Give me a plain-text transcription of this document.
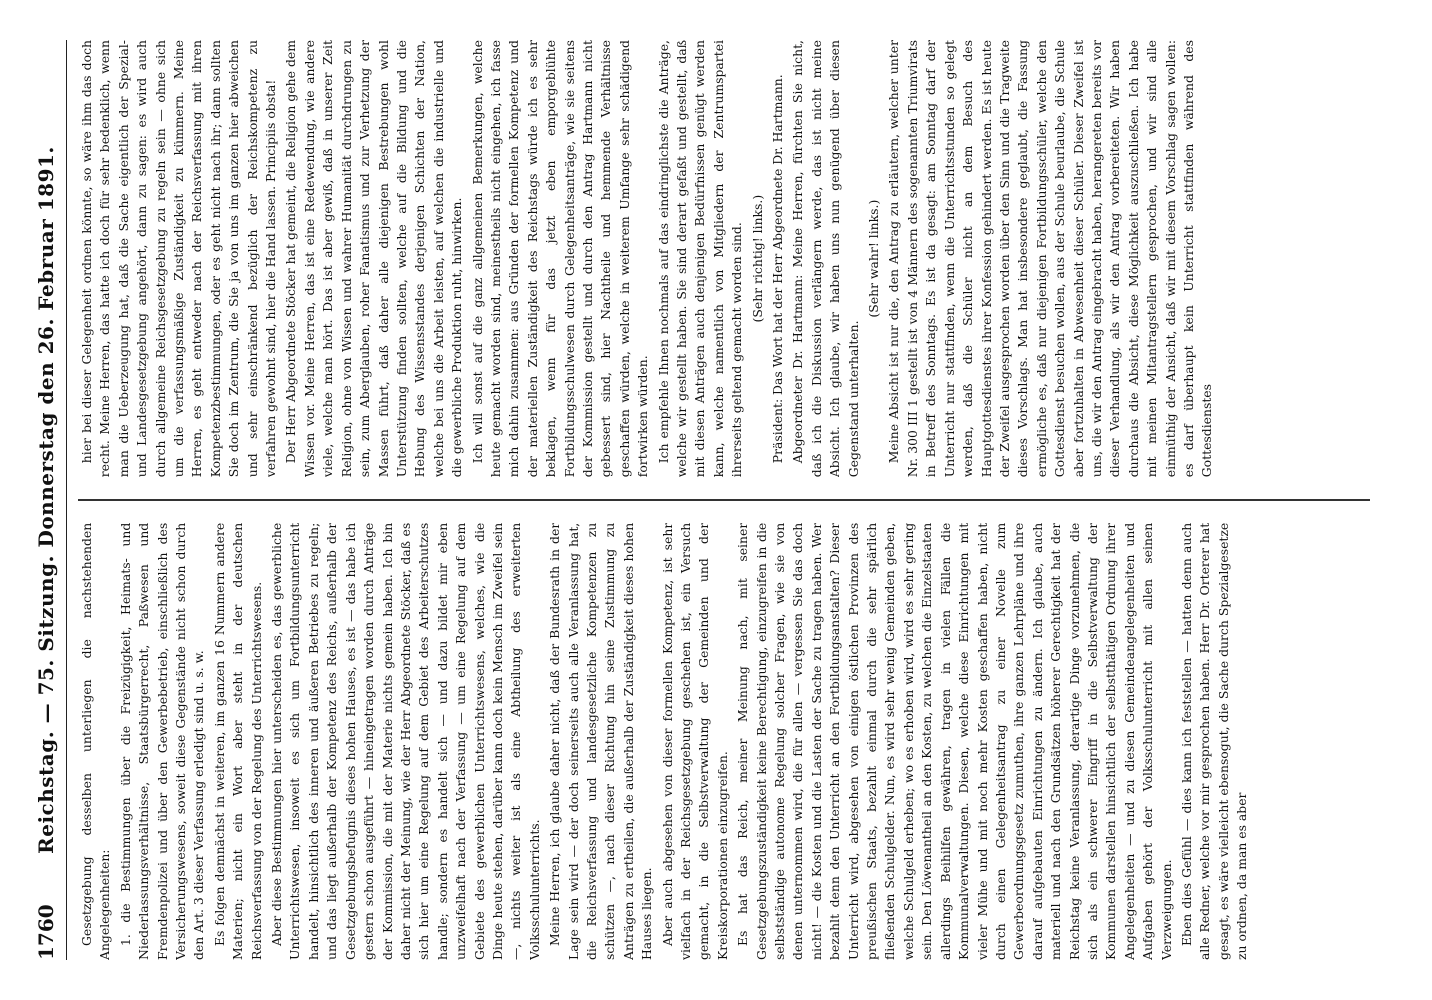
1760
Reichstag. — 75. Sitzung. Donnerstag den 26. Februar 1891. Gesetzgebung desselben unterliegen die nachstehenden Angelegenheiten: 1. die Bestimmungen über die Freizügigkeit, Heimats- und Niederlassungsverhältnisse, Staatsbürgerrecht, Paßwesen und Fremdenpolizei und über den Gewerbebetrieb, einschließlich des Versicherungswesens, soweit diese Gegenstände nicht schon durch den Art. 3 dieser Verfassung erledigt sind u. s. w. Es folgen demnächst in weiteren, im ganzen 16 Nummern andere Materien; nicht ein Wort aber steht in der deutschen Reichsverfassung von der Regelung des Unterrichtswesens. Aber diese Bestimmungen hier unterscheiden es, das gewerbliche Unterrichtswesen, insoweit es sich um Fortbildungsunterricht handelt, hinsichtlich des inneren und äußeren Betriebes zu regeln; und das liegt außerhalb der Kompetenz des Reichs, außerhalb der Gesetzgebungsbefugnis dieses hohen Hauses, es ist — das habe ich gestern schon ausgeführt — hineingetragen worden durch Anträge der Kommission, die mit der Materie nichts gemein haben. Ich bin daher nicht der Meinung, wie der Herr Abgeordnete Stöcker, daß es sich hier um eine Regelung auf dem Gebiet des Arbeiterschutzes handle; sondern es handelt sich — und dazu bildet mir eben unzweifelhaft nach der Verfassung — um eine Regelung auf dem Gebiete des gewerblichen Unterrichtswesens, welches, wie die Dinge heute stehen, darüber kann doch kein Mensch im Zweifel sein —, nichts weiter ist als eine Abtheilung des erweiterten Volksschulunterrichts. Meine Herren, ich glaube daher nicht, daß der Bundesrath in der Lage sein wird — der doch seinerseits auch alle Veranlassung hat, die Reichsverfassung und landesgesetzliche Kompetenzen zu schützen —, nach dieser Richtung hin seine Zustimmung zu Anträgen zu ertheilen, die außerhalb der Zuständigkeit dieses hohen Hauses liegen. Aber auch abgesehen von dieser formellen Kompetenz, ist sehr vielfach in der Reichsgesetzgebung geschehen ist, ein Versuch gemacht, in die Selbstverwaltung der Gemeinden und der Kreiskorporationen einzugreifen. Es hat das Reich, meiner Meinung nach, mit seiner Gesetzgebungszuständigkeit keine Berechtigung, einzugreifen in die selbstständige autonome Regelung solcher Fragen, wie sie von denen unternommen wird, die für allen — vergessen Sie das doch nicht! — die Kosten und die Lasten der Sache zu tragen haben. Wer bezahlt denn den Unterricht an den Fortbildungsanstalten? Dieser Unterricht wird, abgesehen von einigen östlichen Provinzen des preußischen Staats, bezahlt einmal durch die sehr spärlich fließenden Schulgelder. Nun, es wird sehr wenig Gemeinden geben, welche Schulgeld erheben; wo es erhoben wird, wird es sehr gering sein. Den Löwenantheil an den Kosten, zu welchen die Einzelstaaten allerdings Beihilfen gewähren, tragen in vielen Fällen die Kommunalverwaltungen. Diesen, welche diese Einrichtungen mit vieler Mühe und mit noch mehr Kosten geschaffen haben, nicht durch einen Gelegenheitsantrag zu einer Novelle zum Gewerbeordnungsgesetz zumuthen, ihre ganzen Lehrpläne und ihre darauf aufgebauten Einrichtungen zu ändern. Ich glaube, auch materiell und nach den Grundsätzen höherer Gerechtigkeit hat der Reichstag keine Veranlassung, derartige Dinge vorzunehmen, die sich als ein schwerer Eingriff in die Selbstverwaltung der Kommunen darstellen hinsichtlich der selbstthätigen Ordnung ihrer Angelegenheiten — und zu diesen Gemeindeangelegenheiten und Aufgaben gehört der Volksschulunterricht mit allen seinen Verzweigungen. Eben dies Gefühl — dies kann ich feststellen — hatten denn auch alle Redner, welche vor mir gesprochen haben. Herr Dr. Orterer hat gesagt, es wäre vielleicht ebensogut, die Sache durch Spezialgesetze zu ordnen, da man es aber

hier bei dieser Gelegenheit ordnen könnte, so wäre ihm das doch recht. Meine Herren, das hatte ich doch für sehr bedenklich, wenn man die Ueberzeugung hat, daß die Sache eigentlich der Spezial- und Landesgesetzgebung angehört, dann zu sagen: es wird auch durch allgemeine Reichsgesetzgebung zu regeln sein — ohne sich um die verfassungsmäßige Zuständigkeit zu kümmern. Meine Herren, es geht entweder nach der Reichsverfassung mit ihren Kompetenzbestimmungen, oder es geht nicht nach ihr; dann sollten Sie doch im Zentrum, die Sie ja von uns im ganzen hier abweichen und sehr einschränkend bezüglich der Reichskompetenz zu verfahren gewohnt sind, hier die Hand lassen. Principiis obsta! Der Herr Abgeordnete Stöcker hat gemeint, die Religion gehe dem Wissen vor. Meine Herren, das ist eine Redewendung, wie andere viele, welche man hört. Das ist aber gewiß, daß in unserer Zeit Religion, ohne von Wissen und wahrer Humanität durchdrungen zu sein, zum Aberglauben, roher Fanatismus und zur Verhetzung der Massen führt, daß daher alle diejenigen Bestrebungen wohl Unterstützung finden sollten, welche auf die Bildung und die Hebung des Wissensstandes derjenigen Schichten der Nation, welche bei uns die Arbeit leisten, auf welchen die industrielle und die gewerbliche Produktion ruht, hinwirken. Ich will sonst auf die ganz allgemeinen Bemerkungen, welche heute gemacht worden sind, meinestheils nicht eingehen, ich fasse mich dahin zusammen: aus Gründen der formellen Kompetenz und der materiellen Zuständigkeit des Reichstags würde ich es sehr beklagen, wenn für das jetzt eben emporgeblühte Fortbildungsschulwesen durch Gelegenheitsanträge, wie sie seitens der Kommission gestellt und durch den Antrag Hartmann nicht gebessert sind, hier Nachtheile und hemmende Verhältnisse geschaffen würden, welche in weiterem Umfange sehr schädigend fortwirken würden. Ich empfehle Ihnen nochmals auf das eindringlichste die Anträge, welche wir gestellt haben. Sie sind derart gefaßt und gestellt, daß mit diesen Anträgen auch denjenigen Bedürfnissen genügt werden kann, welche namentlich von Mitgliedern der Zentrumspartei ihrerseits geltend gemacht worden sind. (Sehr richtig! links.) Präsident: Das Wort hat der Herr Abgeordnete Dr. Hartmann. Abgeordneter Dr. Hartmann: Meine Herren, fürchten Sie nicht, daß ich die Diskussion verlängern werde, das ist nicht meine Absicht. Ich glaube, wir haben uns nun genügend über diesen Gegenstand unterhalten.

(Sehr wahr! links.) Meine Absicht ist nur die, den Antrag zu erläutern, welcher unter Nr. 300 III 1 gestellt ist von 4 Männern des sogenannten Triumvirats in Betreff des Sonntags. Es ist da gesagt: am Sonntag darf der Unterricht nur stattfinden, wenn die Unterrichtsstunden so gelegt werden, daß die Schüler nicht an dem Besuch des Hauptgottesdienstes ihrer Konfession gehindert werden. Es ist heute der Zweifel ausgesprochen worden über den Sinn und die Tragweite dieses Vorschlags. Man hat insbesondere geglaubt, die Fassung ermögliche es, daß nur diejenigen Fortbildungsschüler, welche den Gottesdienst besuchen wollen, aus der Schule beurlaube, die Schule aber fortzuhalten in Abwesenheit dieser Schüler. Dieser Zweifel ist uns, die wir den Antrag eingebracht haben, herangereten bereits vor dieser Verhandlung, als wir den Antrag vorbereiteten. Wir haben durchaus die Absicht, diese Möglichkeit auszuschließen. Ich habe mit meinen Mitantragstellern gesprochen, und wir sind alle einmüthig der Ansicht, daß wir mit diesem Vorschlag sagen wollen: es darf überhaupt kein Unterricht stattfinden während des Gottesdienstes
